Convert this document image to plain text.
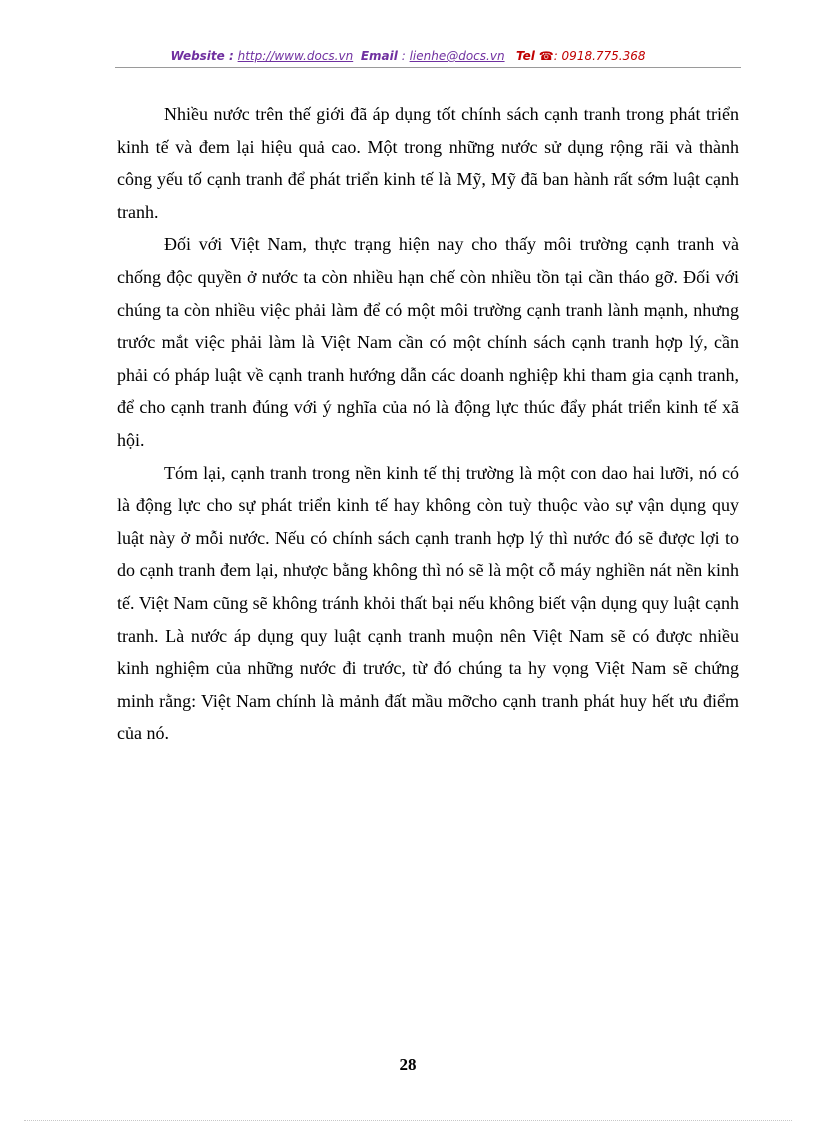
Website : http://www.docs.vn Email : lienhe@docs.vn Tel ☎: 0918.775.368

Nhiều nước trên thế giới đã áp dụng tốt chính sách cạnh tranh trong phát triển kinh tế và đem lại hiệu quả cao. Một trong những nước sử dụng rộng rãi và thành công yếu tố cạnh tranh để phát triển kinh tế là Mỹ, Mỹ đã ban hành rất sớm luật cạnh tranh.

Đối với Việt Nam, thực trạng hiện nay cho thấy môi trường cạnh tranh và chống độc quyền ở nước ta còn nhiều hạn chế còn nhiều tồn tại cần tháo gỡ. Đối với chúng ta còn nhiều việc phải làm để có một môi trường cạnh tranh lành mạnh, nhưng trước mắt việc phải làm là Việt Nam cần có một chính sách cạnh tranh hợp lý, cần phải có pháp luật về cạnh tranh hướng dẫn các doanh nghiệp khi tham gia cạnh tranh, để cho cạnh tranh đúng với ý nghĩa của nó là động lực thúc đẩy phát triển kinh tế xã hội.

Tóm lại, cạnh tranh trong nền kinh tế thị trường là một con dao hai lưỡi, nó có là động lực cho sự phát triển kinh tế hay không còn tuỳ thuộc vào sự vận dụng quy luật này ở mỗi nước. Nếu có chính sách cạnh tranh hợp lý thì nước đó sẽ được lợi to do cạnh tranh đem lại, nhược bằng không thì nó sẽ là một cỗ máy nghiền nát nền kinh tế. Việt Nam cũng sẽ không tránh khỏi thất bại nếu không biết vận dụng quy luật cạnh tranh. Là nước áp dụng quy luật cạnh tranh muộn nên Việt Nam sẽ có được nhiều kinh nghiệm của những nước đi trước, từ đó chúng ta hy vọng Việt Nam sẽ chứng minh rằng: Việt Nam chính là mảnh đất mầu mỡcho cạnh tranh phát huy hết ưu điểm của nó.

28
